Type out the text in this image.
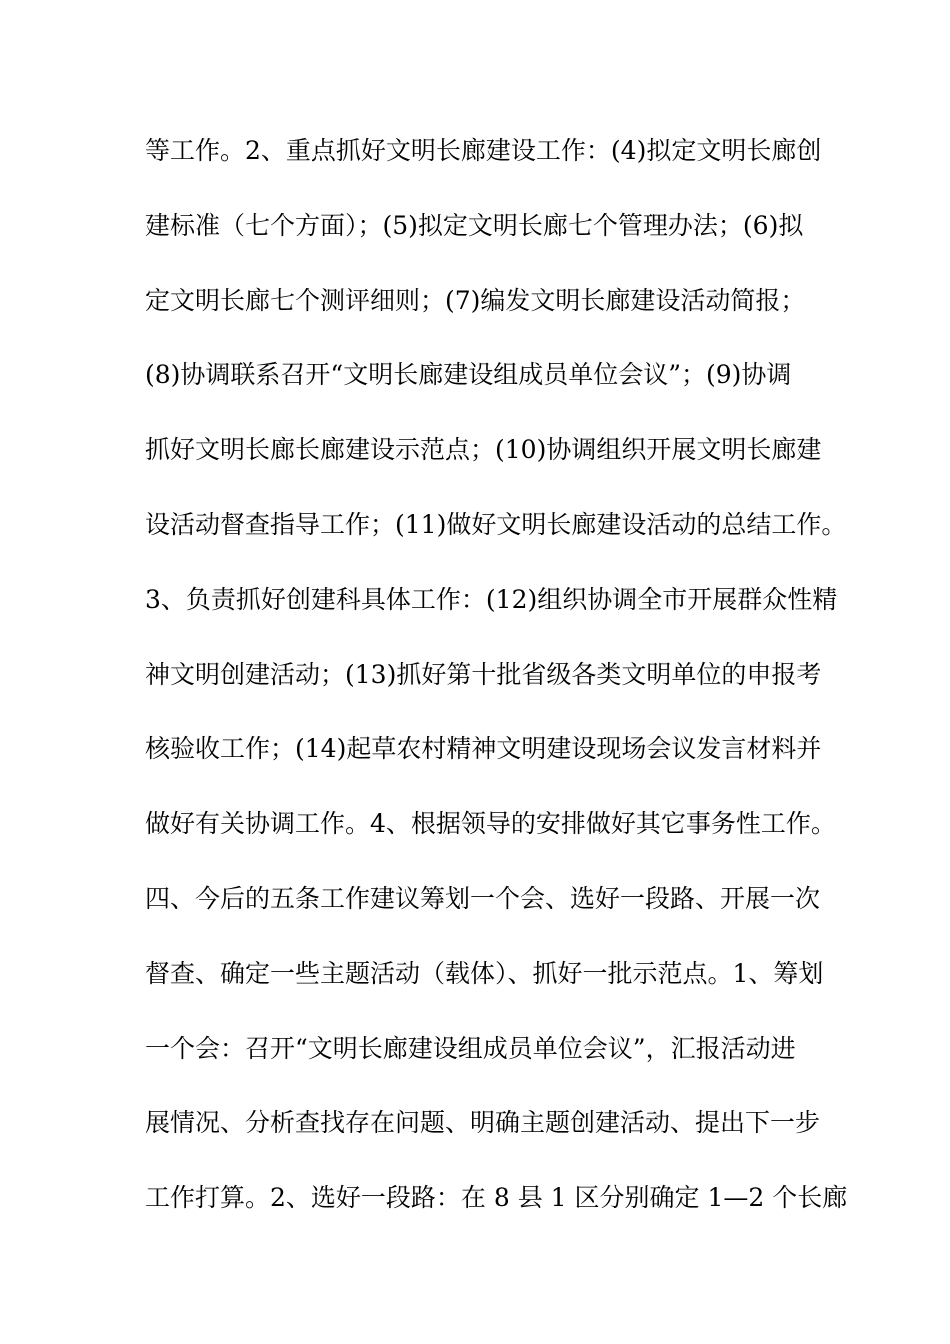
等工作。2、重点抓好文明长廊建设工作：(4)拟定文明长廊创
建标准（七个方面）；(5)拟定文明长廊七个管理办法；(6)拟
定文明长廊七个测评细则；(7)编发文明长廊建设活动简报；
(8)协调联系召开“文明长廊建设组成员单位会议”；(9)协调
抓好文明长廊长廊建设示范点；(10)协调组织开展文明长廊建
设活动督查指导工作；(11)做好文明长廊建设活动的总结工作。
3、负责抓好创建科具体工作：(12)组织协调全市开展群众性精
神文明创建活动；(13)抓好第十批省级各类文明单位的申报考
核验收工作；(14)起草农村精神文明建设现场会议发言材料并
做好有关协调工作。4、根据领导的安排做好其它事务性工作。
四、今后的五条工作建议筹划一个会、选好一段路、开展一次
督查、确定一些主题活动（载体）、抓好一批示范点。1、筹划
一个会：召开“文明长廊建设组成员单位会议”，汇报活动进
展情况、分析查找存在问题、明确主题创建活动、提出下一步
工作打算。2、选好一段路：在 8 县 1 区分别确定 1—2 个长廊
